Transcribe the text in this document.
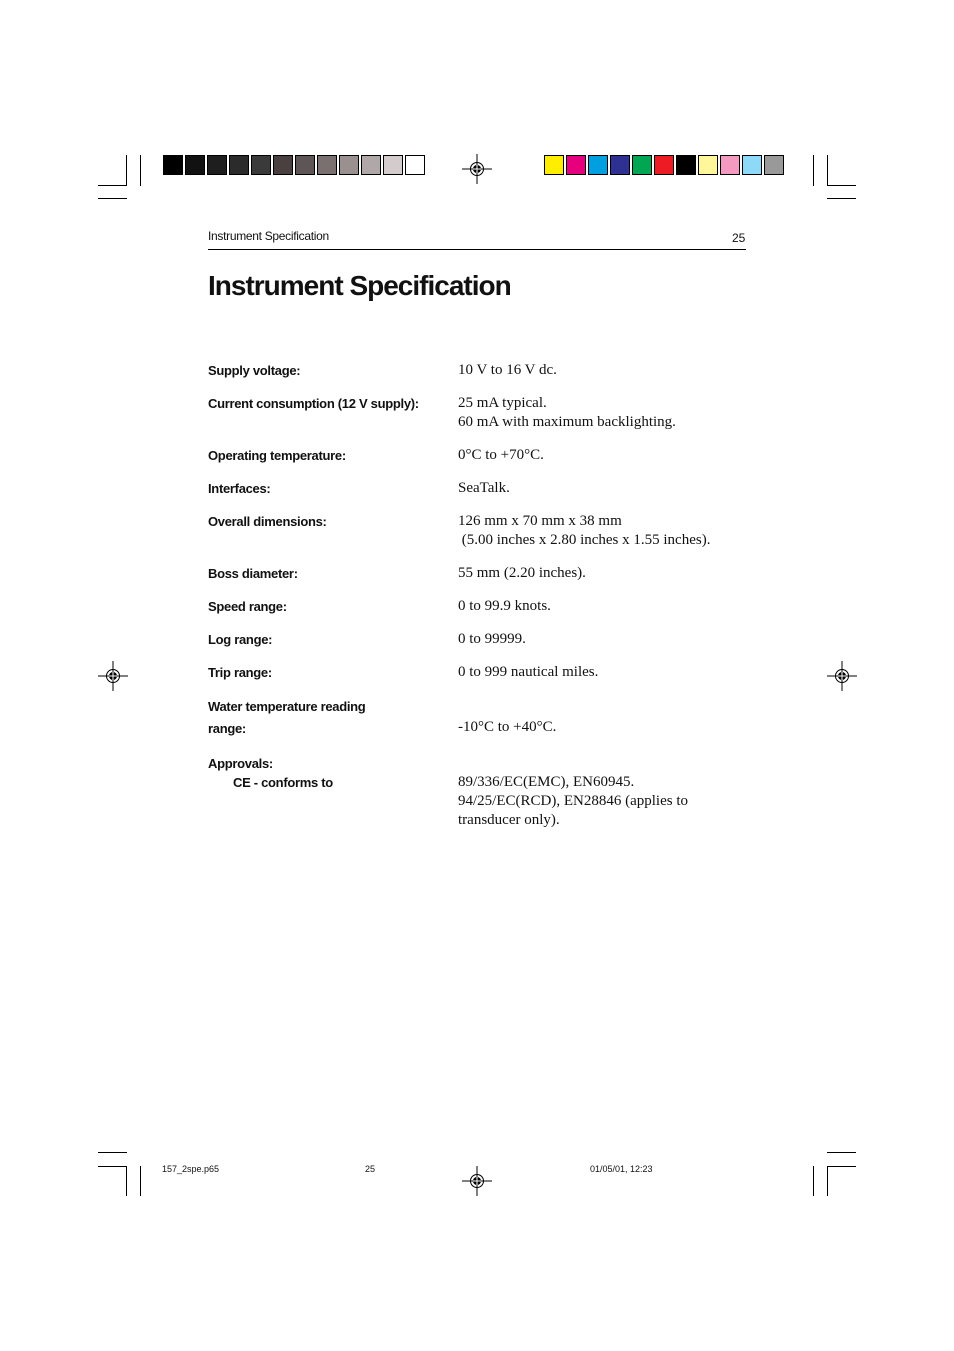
Instrument Specification	25
Instrument Specification
Supply voltage:	10 V to 16 V dc.
Current consumption (12 V supply):	25 mA typical.
60 mA with maximum backlighting.
Operating temperature:	0°C to +70°C.
Interfaces:	SeaTalk.
Overall dimensions:	126 mm x 70 mm x 38 mm
(5.00 inches x 2.80 inches x 1.55 inches).
Boss diameter:	55 mm (2.20 inches).
Speed range:	0 to 99.9 knots.
Log range:	0 to 99999.
Trip range:	0 to 999 nautical miles.
Water temperature reading
range:	-10°C to +40°C.
Approvals:
CE - conforms to	89/336/EC(EMC), EN60945.
94/25/EC(RCD), EN28846 (applies to
transducer only).
157_2spe.p65	25	01/05/01, 12:23
